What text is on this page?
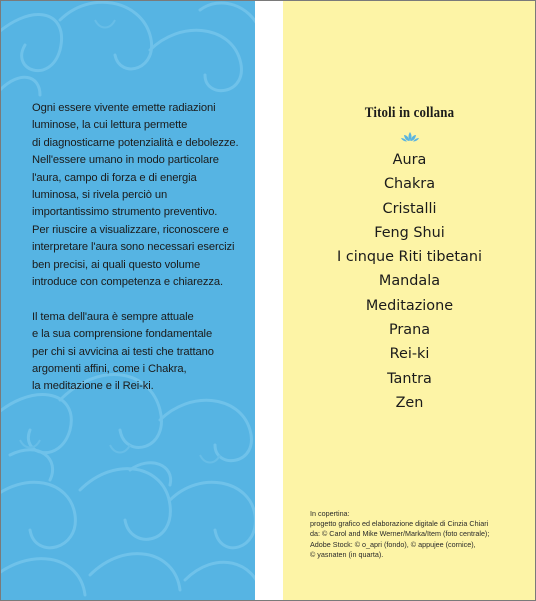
Ogni essere vivente emette radiazioni
luminose, la cui lettura permette
di diagnosticarne potenzialità e debolezze.
Nell'essere umano in modo particolare
l'aura, campo di forza e di energia
luminosa, si rivela perciò un
importantissimo strumento preventivo.
Per riuscire a visualizzare, riconoscere e
interpretare l'aura sono necessari esercizi
ben precisi, ai quali questo volume
introduce con competenza e chiarezza.
Il tema dell'aura è sempre attuale
e la sua comprensione fondamentale
per chi si avvicina ai testi che trattano
argomenti affini, come i Chakra,
la meditazione e il Rei-ki.
Titoli in collana
Aura
Chakra
Cristalli
Feng Shui
I cinque Riti tibetani
Mandala
Meditazione
Prana
Rei-ki
Tantra
Zen
In copertina:
progetto grafico ed elaborazione digitale di Cinzia Chiari
da: © Carol and Mike Werner/Marka/Item (foto centrale);
Adobe Stock: © o_apri (fondo), © appujee (cornice),
© yasnaten (in quarta).
